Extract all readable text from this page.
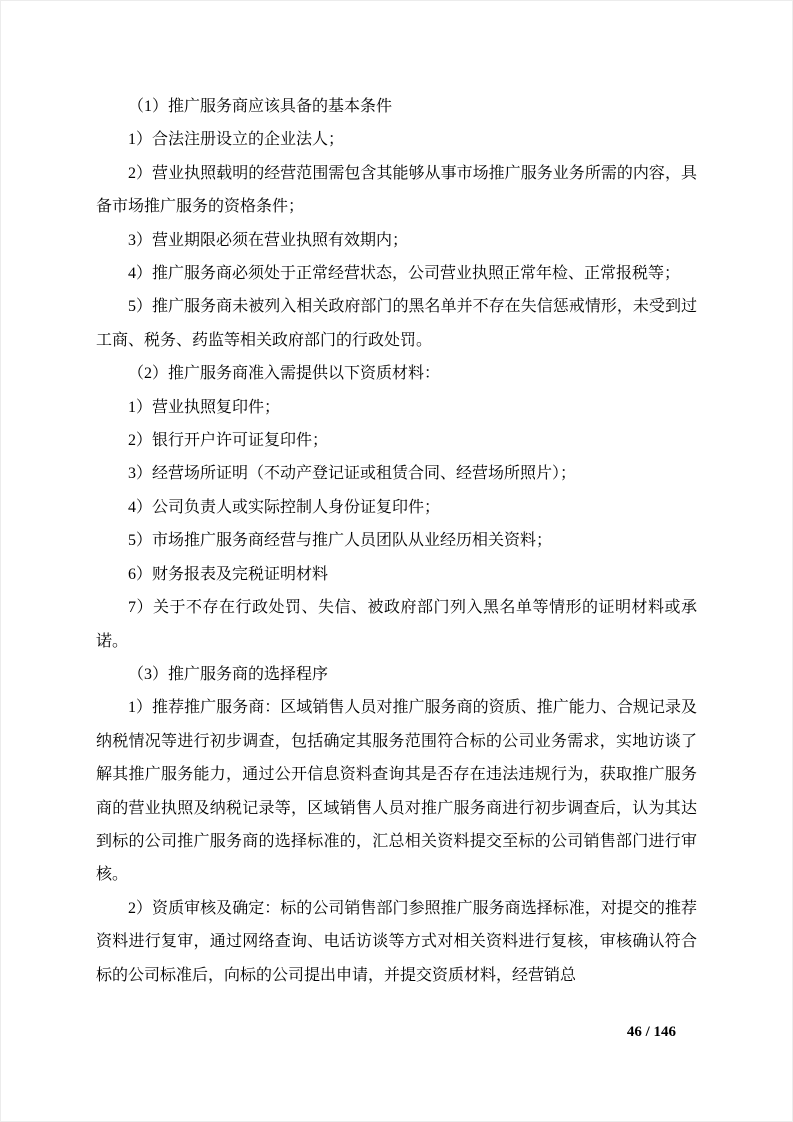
（1）推广服务商应该具备的基本条件

1）合法注册设立的企业法人；

2）营业执照载明的经营范围需包含其能够从事市场推广服务业务所需的内容，具备市场推广服务的资格条件；

3）营业期限必须在营业执照有效期内；

4）推广服务商必须处于正常经营状态，公司营业执照正常年检、正常报税等；

5）推广服务商未被列入相关政府部门的黑名单并不存在失信惩戒情形，未受到过工商、税务、药监等相关政府部门的行政处罚。

（2）推广服务商准入需提供以下资质材料：

1）营业执照复印件；

2）银行开户许可证复印件；

3）经营场所证明（不动产登记证或租赁合同、经营场所照片）；

4）公司负责人或实际控制人身份证复印件；

5）市场推广服务商经营与推广人员团队从业经历相关资料；

6）财务报表及完税证明材料

7）关于不存在行政处罚、失信、被政府部门列入黑名单等情形的证明材料或承诺。

（3）推广服务商的选择程序

1）推荐推广服务商：区域销售人员对推广服务商的资质、推广能力、合规记录及纳税情况等进行初步调查，包括确定其服务范围符合标的公司业务需求，实地访谈了解其推广服务能力，通过公开信息资料查询其是否存在违法违规行为，获取推广服务商的营业执照及纳税记录等，区域销售人员对推广服务商进行初步调查后，认为其达到标的公司推广服务商的选择标准的，汇总相关资料提交至标的公司销售部门进行审核。

2）资质审核及确定：标的公司销售部门参照推广服务商选择标准，对提交的推荐资料进行复审，通过网络查询、电话访谈等方式对相关资料进行复核，审核确认符合标的公司标准后，向标的公司提出申请，并提交资质材料，经营销总

46 / 146
